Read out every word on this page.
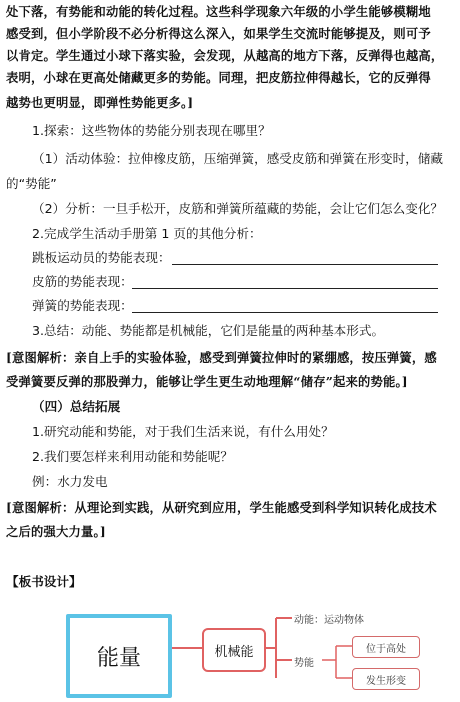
处下落，有势能和动能的转化过程。这些科学现象六年级的小学生能够模糊地
感受到，但小学阶段不必分析得这么深入，如果学生交流时能够提及，则可予
以肯定。学生通过小球下落实验，会发现，从越高的地方下落，反弹得也越高，
表明，小球在更高处储藏更多的势能。同理，把皮筋拉伸得越长，它的反弹得
越势也更明显，即弹性势能更多。]
1.探索：这些物体的势能分别表现在哪里？
（1）活动体验：拉伸橡皮筋，压缩弹簧，感受皮筋和弹簧在形变时，储藏
的“势能”
（2）分析：一旦手松开，皮筋和弹簧所蕴藏的势能，会让它们怎么变化？
2.完成学生活动手册第 1 页的其他分析：
跳板运动员的势能表现：
皮筋的势能表现：
弹簧的势能表现：
3.总结：动能、势能都是机械能，它们是能量的两种基本形式。
[意图解析：亲自上手的实验体验，感受到弹簧拉伸时的紧绷感，按压弹簧，感
受弹簧要反弹的那股弹力，能够让学生更生动地理解“储存”起来的势能。]
（四）总结拓展
1.研究动能和势能，对于我们生活来说，有什么用处？
2.我们要怎样来利用动能和势能呢？
例：水力发电
[意图解析：从理论到实践，从研究到应用，学生能感受到科学知识转化成技术
之后的强大力量。]
【板书设计】
能量	机械能
动能：运动物体
势能
位于高处
发生形变
